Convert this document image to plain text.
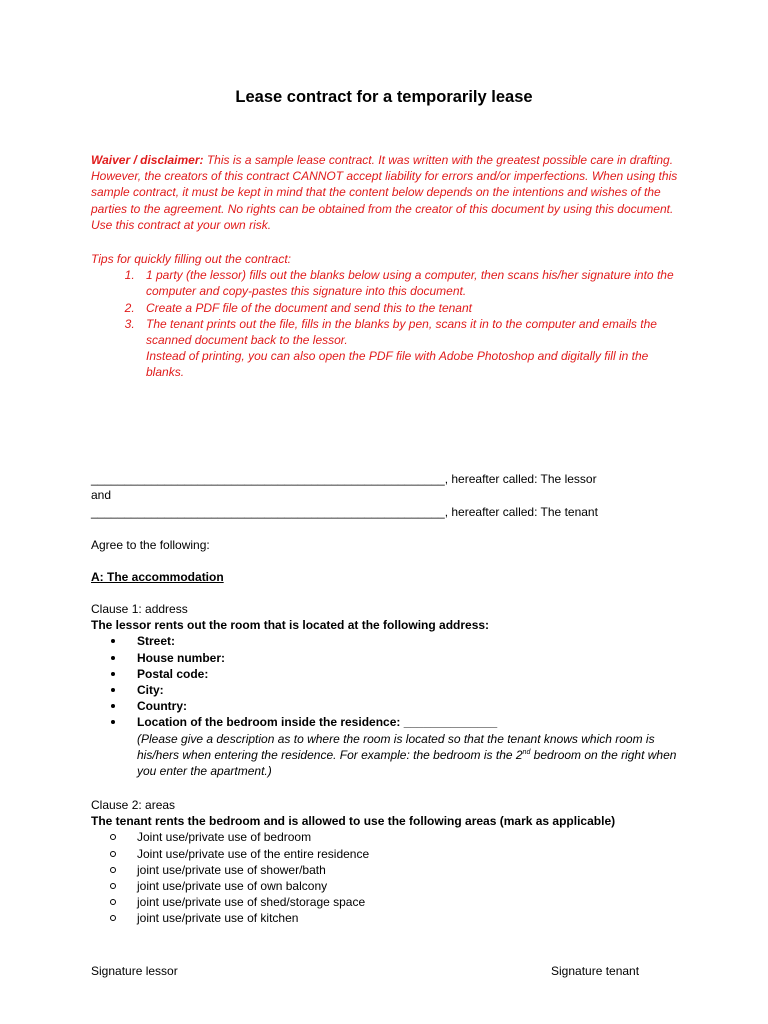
Lease contract for a temporarily lease
Waiver / disclaimer: This is a sample lease contract. It was written with the greatest possible care in drafting. However, the creators of this contract CANNOT accept liability for errors and/or imperfections. When using this sample contract, it must be kept in mind that the content below depends on the intentions and wishes of the parties to the agreement. No rights can be obtained from the creator of this document by using this document. Use this contract at your own risk.
Tips for quickly filling out the contract:
1. 1 party (the lessor) fills out the blanks below using a computer, then scans his/her signature into the computer and copy-pastes this signature into this document.
2. Create a PDF file of the document and send this to the tenant
3. The tenant prints out the file, fills in the blanks by pen, scans it in to the computer and emails the scanned document back to the lessor.
Instead of printing, you can also open the PDF file with Adobe Photoshop and digitally fill in the blanks.
_____________________________________________________, hereafter called: The lessor
and
_____________________________________________________, hereafter called: The tenant
Agree to the following:
A: The accommodation
Clause 1: address
The lessor rents out the room that is located at the following address:
Street:
House number:
Postal code:
City:
Country:
Location of the bedroom inside the residence: ______________
(Please give a description as to where the room is located so that the tenant knows which room is his/hers when entering the residence. For example: the bedroom is the 2nd bedroom on the right when you enter the apartment.)
Clause 2: areas
The tenant rents the bedroom and is allowed to use the following areas (mark as applicable)
Joint use/private use of bedroom
Joint use/private use of the entire residence
joint use/private use of shower/bath
joint use/private use of own balcony
joint use/private use of shed/storage space
joint use/private use of kitchen
Signature lessor	Signature tenant
